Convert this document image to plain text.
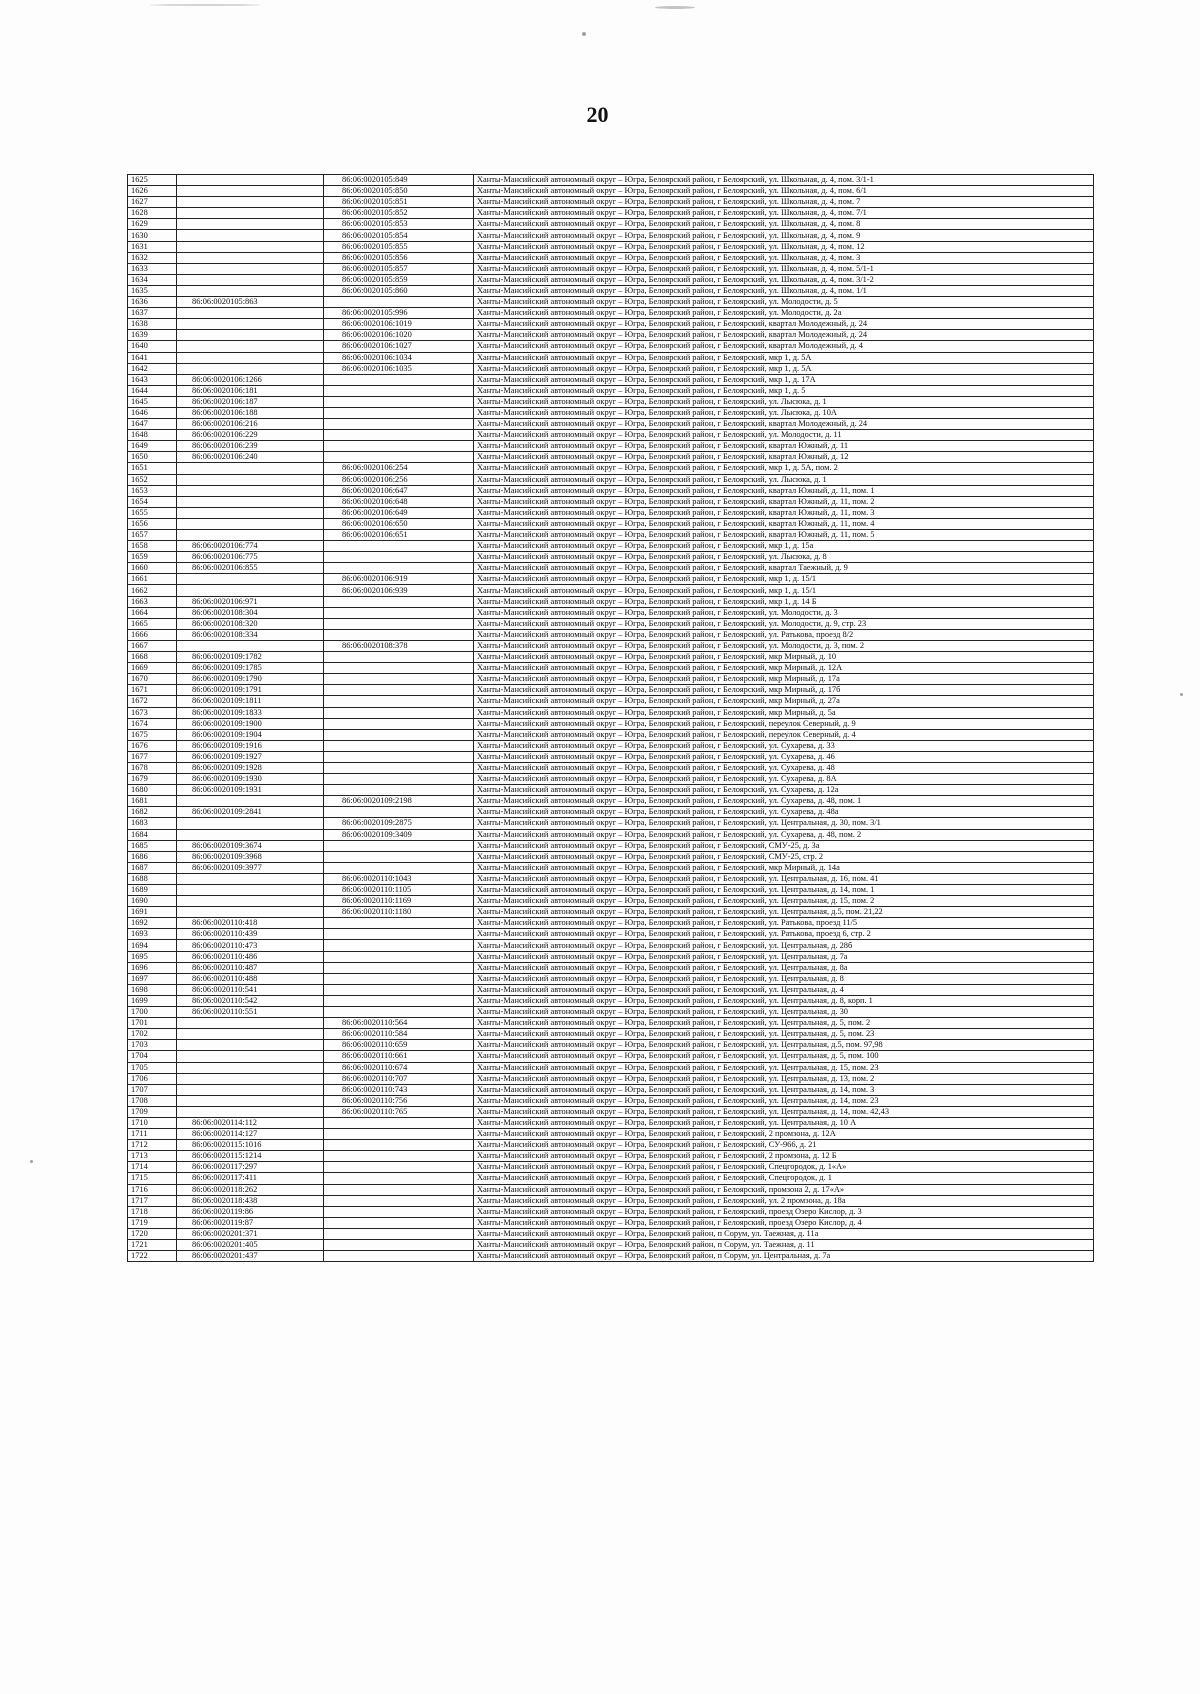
20
1625		86:06:0020105:849	Ханты-Мансийский автономный округ – Югра, Белоярский район, г Белоярский, ул. Школьная, д. 4, пом. 3/1-1
1626		86:06:0020105:850	Ханты-Мансийский автономный округ – Югра, Белоярский район, г Белоярский, ул. Школьная, д. 4, пом. 6/1
1627		86:06:0020105:851	Ханты-Мансийский автономный округ – Югра, Белоярский район, г Белоярский, ул. Школьная, д. 4, пом. 7
1628		86:06:0020105:852	Ханты-Мансийский автономный округ – Югра, Белоярский район, г Белоярский, ул. Школьная, д. 4, пом. 7/1
1629		86:06:0020105:853	Ханты-Мансийский автономный округ – Югра, Белоярский район, г Белоярский, ул. Школьная, д. 4, пом. 8
1630		86:06:0020105:854	Ханты-Мансийский автономный округ – Югра, Белоярский район, г Белоярский, ул. Школьная, д. 4, пом. 9
1631		86:06:0020105:855	Ханты-Мансийский автономный округ – Югра, Белоярский район, г Белоярский, ул. Школьная, д. 4, пом. 12
1632		86:06:0020105:856	Ханты-Мансийский автономный округ – Югра, Белоярский район, г Белоярский, ул. Школьная, д. 4, пом. 3
1633		86:06:0020105:857	Ханты-Мансийский автономный округ – Югра, Белоярский район, г Белоярский, ул. Школьная, д. 4, пом. 5/1-1
1634		86:06:0020105:859	Ханты-Мансийский автономный округ – Югра, Белоярский район, г Белоярский, ул. Школьная, д. 4, пом. 3/1-2
1635		86:06:0020105:860	Ханты-Мансийский автономный округ – Югра, Белоярский район, г Белоярский, ул. Школьная, д. 4, пом. 1/1
1636	86:06:0020105:863		Ханты-Мансийский автономный округ – Югра, Белоярский район, г Белоярский, ул. Молодости, д. 5
1637		86:06:0020105:996	Ханты-Мансийский автономный округ – Югра, Белоярский район, г Белоярский, ул. Молодости, д. 2а
1638		86:06:0020106:1019	Ханты-Мансийский автономный округ – Югра, Белоярский район, г Белоярский, квартал Молодежный, д. 24
1639		86:06:0020106:1020	Ханты-Мансийский автономный округ – Югра, Белоярский район, г Белоярский, квартал Молодежный, д. 24
1640		86:06:0020106:1027	Ханты-Мансийский автономный округ – Югра, Белоярский район, г Белоярский, квартал Молодежный, д. 4
1641		86:06:0020106:1034	Ханты-Мансийский автономный округ – Югра, Белоярский район, г Белоярский, мкр 1, д. 5А
1642		86:06:0020106:1035	Ханты-Мансийский автономный округ – Югра, Белоярский район, г Белоярский, мкр 1, д. 5А
1643	86:06:0020106:1266		Ханты-Мансийский автономный округ – Югра, Белоярский район, г Белоярский, мкр 1, д. 17А
1644	86:06:0020106:181		Ханты-Мансийский автономный округ – Югра, Белоярский район, г Белоярский, мкр 1, д. 5
1645	86:06:0020106:187		Ханты-Мансийский автономный округ – Югра, Белоярский район, г Белоярский, ул. Лысюка, д. 1
1646	86:06:0020106:188		Ханты-Мансийский автономный округ – Югра, Белоярский район, г Белоярский, ул. Лысюка, д. 10А
1647	86:06:0020106:216		Ханты-Мансийский автономный округ – Югра, Белоярский район, г Белоярский, квартал Молодежный, д. 24
1648	86:06:0020106:229		Ханты-Мансийский автономный округ – Югра, Белоярский район, г Белоярский, ул. Молодости, д. 11
1649	86:06:0020106:239		Ханты-Мансийский автономный округ – Югра, Белоярский район, г Белоярский, квартал Южный, д. 11
1650	86:06:0020106:240		Ханты-Мансийский автономный округ – Югра, Белоярский район, г Белоярский, квартал Южный, д. 12
1651		86:06:0020106:254	Ханты-Мансийский автономный округ – Югра, Белоярский район, г Белоярский, мкр 1, д. 5А, пом. 2
1652		86:06:0020106:256	Ханты-Мансийский автономный округ – Югра, Белоярский район, г Белоярский, ул. Лысюка, д. 1
1653		86:06:0020106:647	Ханты-Мансийский автономный округ – Югра, Белоярский район, г Белоярский, квартал Южный, д. 11, пом. 1
1654		86:06:0020106:648	Ханты-Мансийский автономный округ – Югра, Белоярский район, г Белоярский, квартал Южный, д. 11, пом. 2
1655		86:06:0020106:649	Ханты-Мансийский автономный округ – Югра, Белоярский район, г Белоярский, квартал Южный, д. 11, пом. 3
1656		86:06:0020106:650	Ханты-Мансийский автономный округ – Югра, Белоярский район, г Белоярский, квартал Южный, д. 11, пом. 4
1657		86:06:0020106:651	Ханты-Мансийский автономный округ – Югра, Белоярский район, г Белоярский, квартал Южный, д. 11, пом. 5
1658	86:06:0020106:774		Ханты-Мансийский автономный округ – Югра, Белоярский район, г Белоярский, мкр 1, д. 15а
1659	86:06:0020106:775		Ханты-Мансийский автономный округ – Югра, Белоярский район, г Белоярский, ул. Лысюка, д. 8
1660	86:06:0020106:855		Ханты-Мансийский автономный округ – Югра, Белоярский район, г Белоярский, квартал Таежный, д. 9
1661		86:06:0020106:919	Ханты-Мансийский автономный округ – Югра, Белоярский район, г Белоярский, мкр 1, д. 15/1
1662		86:06:0020106:939	Ханты-Мансийский автономный округ – Югра, Белоярский район, г Белоярский, мкр 1, д. 15/1
1663	86:06:0020106:971		Ханты-Мансийский автономный округ – Югра, Белоярский район, г Белоярский, мкр 1, д. 14 Б
1664	86:06:0020108:304		Ханты-Мансийский автономный округ – Югра, Белоярский район, г Белоярский, ул. Молодости, д. 3
1665	86:06:0020108:320		Ханты-Мансийский автономный округ – Югра, Белоярский район, г Белоярский, ул. Молодости, д. 9, стр. 23
1666	86:06:0020108:334		Ханты-Мансийский автономный округ – Югра, Белоярский район, г Белоярский, ул. Ратькова, проезд 8/2
1667		86:06:0020108:378	Ханты-Мансийский автономный округ – Югра, Белоярский район, г Белоярский, ул. Молодости, д. 3, пом. 2
1668	86:06:0020109:1782		Ханты-Мансийский автономный округ – Югра, Белоярский район, г Белоярский, мкр Мирный, д. 10
1669	86:06:0020109:1785		Ханты-Мансийский автономный округ – Югра, Белоярский район, г Белоярский, мкр Мирный, д. 12А
1670	86:06:0020109:1790		Ханты-Мансийский автономный округ – Югра, Белоярский район, г Белоярский, мкр Мирный, д. 17а
1671	86:06:0020109:1791		Ханты-Мансийский автономный округ – Югра, Белоярский район, г Белоярский, мкр Мирный, д. 17б
1672	86:06:0020109:1811		Ханты-Мансийский автономный округ – Югра, Белоярский район, г Белоярский, мкр Мирный, д. 27а
1673	86:06:0020109:1833		Ханты-Мансийский автономный округ – Югра, Белоярский район, г Белоярский, мкр Мирный, д. 5а
1674	86:06:0020109:1900		Ханты-Мансийский автономный округ – Югра, Белоярский район, г Белоярский, переулок Северный, д. 9
1675	86:06:0020109:1904		Ханты-Мансийский автономный округ – Югра, Белоярский район, г Белоярский, переулок Северный, д. 4
1676	86:06:0020109:1916		Ханты-Мансийский автономный округ – Югра, Белоярский район, г Белоярский, ул. Сухарева, д. 33
1677	86:06:0020109:1927		Ханты-Мансийский автономный округ – Югра, Белоярский район, г Белоярский, ул. Сухарева, д. 46
1678	86:06:0020109:1928		Ханты-Мансийский автономный округ – Югра, Белоярский район, г Белоярский, ул. Сухарева, д. 48
1679	86:06:0020109:1930		Ханты-Мансийский автономный округ – Югра, Белоярский район, г Белоярский, ул. Сухарева, д. 8А
1680	86:06:0020109:1931		Ханты-Мансийский автономный округ – Югра, Белоярский район, г Белоярский, ул. Сухарева, д. 12а
1681		86:06:0020109:2198	Ханты-Мансийский автономный округ – Югра, Белоярский район, г Белоярский, ул. Сухарева, д. 48, пом. 1
1682	86:06:0020109:2841		Ханты-Мансийский автономный округ – Югра, Белоярский район, г Белоярский, ул. Сухарева, д. 48а
1683		86:06:0020109:2875	Ханты-Мансийский автономный округ – Югра, Белоярский район, г Белоярский, ул. Центральная, д. 30, пом. 3/1
1684		86:06:0020109:3409	Ханты-Мансийский автономный округ – Югра, Белоярский район, г Белоярский, ул. Сухарева, д. 48, пом. 2
1685	86:06:0020109:3674		Ханты-Мансийский автономный округ – Югра, Белоярский район, г Белоярский, СМУ-25, д. 3а
1686	86:06:0020109:3968		Ханты-Мансийский автономный округ – Югра, Белоярский район, г Белоярский, СМУ-25, стр. 2
1687	86:06:0020109:3977		Ханты-Мансийский автономный округ – Югра, Белоярский район, г Белоярский, мкр Мирный, д. 14а
1688		86:06:0020110:1043	Ханты-Мансийский автономный округ – Югра, Белоярский район, г Белоярский, ул. Центральная, д. 16, пом. 41
1689		86:06:0020110:1105	Ханты-Мансийский автономный округ – Югра, Белоярский район, г Белоярский, ул. Центральная, д. 14, пом. 1
1690		86:06:0020110:1169	Ханты-Мансийский автономный округ – Югра, Белоярский район, г Белоярский, ул. Центральная, д. 15, пом. 2
1691		86:06:0020110:1180	Ханты-Мансийский автономный округ – Югра, Белоярский район, г Белоярский, ул. Центральная, д.5, пом. 21,22
1692	86:06:0020110:418		Ханты-Мансийский автономный округ – Югра, Белоярский район, г Белоярский, ул. Ратькова, проезд 11/5
1693	86:06:0020110:439		Ханты-Мансийский автономный округ – Югра, Белоярский район, г Белоярский, ул. Ратькова, проезд 6, стр. 2
1694	86:06:0020110:473		Ханты-Мансийский автономный округ – Югра, Белоярский район, г Белоярский, ул. Центральная, д. 28б
1695	86:06:0020110:486		Ханты-Мансийский автономный округ – Югра, Белоярский район, г Белоярский, ул. Центральная, д. 7а
1696	86:06:0020110:487		Ханты-Мансийский автономный округ – Югра, Белоярский район, г Белоярский, ул. Центральная, д. 8а
1697	86:06:0020110:488		Ханты-Мансийский автономный округ – Югра, Белоярский район, г Белоярский, ул. Центральная, д. 8
1698	86:06:0020110:541		Ханты-Мансийский автономный округ – Югра, Белоярский район, г Белоярский, ул. Центральная, д. 4
1699	86:06:0020110:542		Ханты-Мансийский автономный округ – Югра, Белоярский район, г Белоярский, ул. Центральная, д. 8, корп. 1
1700	86:06:0020110:551		Ханты-Мансийский автономный округ – Югра, Белоярский район, г Белоярский, ул. Центральная, д. 30
1701		86:06:0020110:564	Ханты-Мансийский автономный округ – Югра, Белоярский район, г Белоярский, ул. Центральная, д. 5, пом. 2
1702		86:06:0020110:584	Ханты-Мансийский автономный округ – Югра, Белоярский район, г Белоярский, ул. Центральная, д. 5, пом. 23
1703		86:06:0020110:659	Ханты-Мансийский автономный округ – Югра, Белоярский район, г Белоярский, ул. Центральная, д.5, пом. 97,98
1704		86:06:0020110:661	Ханты-Мансийский автономный округ – Югра, Белоярский район, г Белоярский, ул. Центральная, д. 5, пом. 100
1705		86:06:0020110:674	Ханты-Мансийский автономный округ – Югра, Белоярский район, г Белоярский, ул. Центральная, д. 15, пом. 23
1706		86:06:0020110:707	Ханты-Мансийский автономный округ – Югра, Белоярский район, г Белоярский, ул. Центральная, д. 13, пом. 2
1707		86:06:0020110:743	Ханты-Мансийский автономный округ – Югра, Белоярский район, г Белоярский, ул. Центральная, д. 14, пом. 3
1708		86:06:0020110:756	Ханты-Мансийский автономный округ – Югра, Белоярский район, г Белоярский, ул. Центральная, д. 14, пом. 23
1709		86:06:0020110:765	Ханты-Мансийский автономный округ – Югра, Белоярский район, г Белоярский, ул. Центральная, д. 14, пом. 42,43
1710	86:06:0020114:112		Ханты-Мансийский автономный округ – Югра, Белоярский район, г Белоярский, ул. Центральная, д. 10 А
1711	86:06:0020114:127		Ханты-Мансийский автономный округ – Югра, Белоярский район, г Белоярский, 2 промзона, д. 12А
1712	86:06:0020115:1016		Ханты-Мансийский автономный округ – Югра, Белоярский район, г Белоярский, СУ-966, д. 21
1713	86:06:0020115:1214		Ханты-Мансийский автономный округ – Югра, Белоярский район, г Белоярский, 2 промзона, д. 12 Б
1714	86:06:0020117:297		Ханты-Мансийский автономный округ – Югра, Белоярский район, г Белоярский, Спецгородок, д. 1«А»
1715	86:06:0020117:411		Ханты-Мансийский автономный округ – Югра, Белоярский район, г Белоярский, Спецгородок, д. 1
1716	86:06:0020118:262		Ханты-Мансийский автономный округ – Югра, Белоярский район, г Белоярский, промзона 2, д. 17«А»
1717	86:06:0020118:438		Ханты-Мансийский автономный округ – Югра, Белоярский район, г Белоярский, ул. 2 промзона, д. 18а
1718	86:06:0020119:86		Ханты-Мансийский автономный округ – Югра, Белоярский район, г Белоярский, проезд Озеро Кислор, д. 3
1719	86:06:0020119:87		Ханты-Мансийский автономный округ – Югра, Белоярский район, г Белоярский, проезд Озеро Кислор, д. 4
1720	86:06:0020201:371		Ханты-Мансийский автономный округ – Югра, Белоярский район, п Сорум, ул. Таежная, д. 11а
1721	86:06:0020201:405		Ханты-Мансийский автономный округ – Югра, Белоярский район, п Сорум, ул. Таежная, д. 11
1722	86:06:0020201:437		Ханты-Мансийский автономный округ – Югра, Белоярский район, п Сорум, ул. Центральная, д. 7а
